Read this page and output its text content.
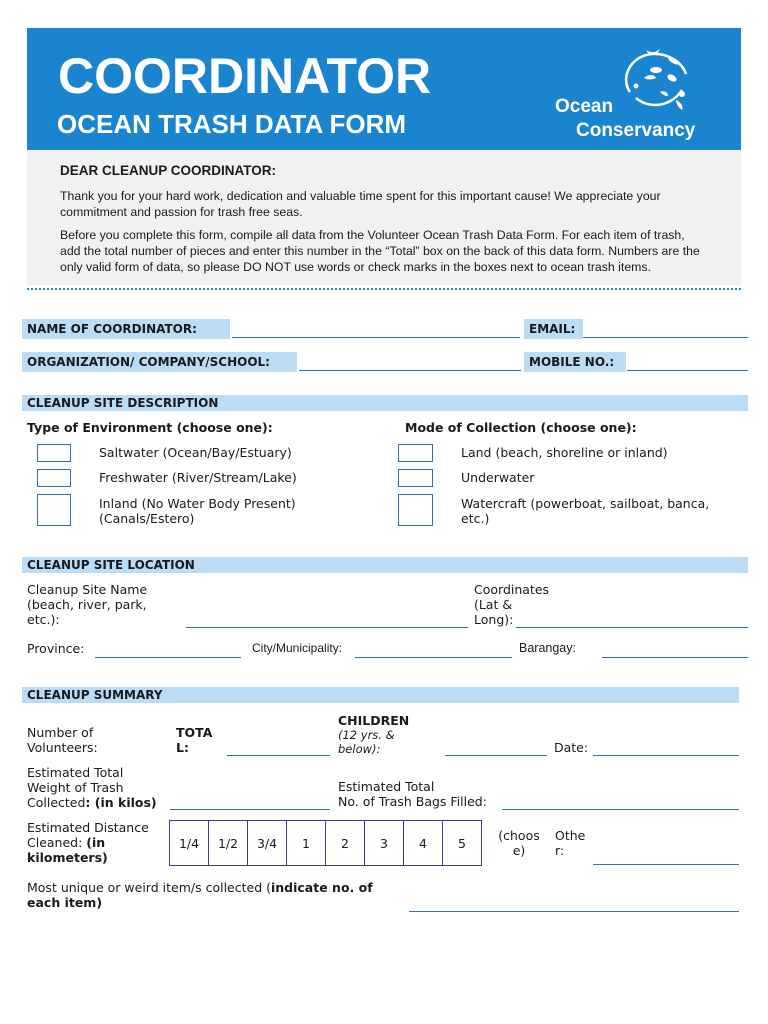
COORDINATOR
OCEAN TRASH DATA FORM
Ocean
Conservancy
DEAR CLEANUP COORDINATOR:
Thank you for your hard work, dedication and valuable time spent for this important cause! We appreciate your
commitment and passion for trash free seas.
Before you complete this form, compile all data from the Volunteer Ocean Trash Data Form. For each item of trash,
add the total number of pieces and enter this number in the “Total” box on the back of this data form. Numbers are the
only valid form of data, so please DO NOT use words or check marks in the boxes next to ocean trash items.
NAME OF COORDINATOR:	EMAIL:
ORGANIZATION/ COMPANY/SCHOOL:	MOBILE NO.:
CLEANUP SITE DESCRIPTION
Type of Environment (choose one):	Mode of Collection (choose one):
Saltwater (Ocean/Bay/Estuary)
Freshwater (River/Stream/Lake)
Inland (No Water Body Present)
(Canals/Estero)
Land (beach, shoreline or inland)
Underwater
Watercraft (powerboat, sailboat, banca,
etc.)
CLEANUP SITE LOCATION
Cleanup Site Name
(beach, river, park,
etc.):
Coordinates
(Lat &
Long):
Province:	City/Municipality:	Barangay:
CLEANUP SUMMARY
Number of
Volunteers:
TOTA
L:
CHILDREN
(12 yrs. &
below):	Date:
Estimated Total
Weight of Trash
Collected: (in kilos)
Estimated Total
No. of Trash Bags Filled:
Estimated Distance
Cleaned: (in
kilometers)
1/4	1/2	3/4	1	2	3	4	5	(choos
e)
Othe
r:
Most unique or weird item/s collected (indicate no. of
each item)
